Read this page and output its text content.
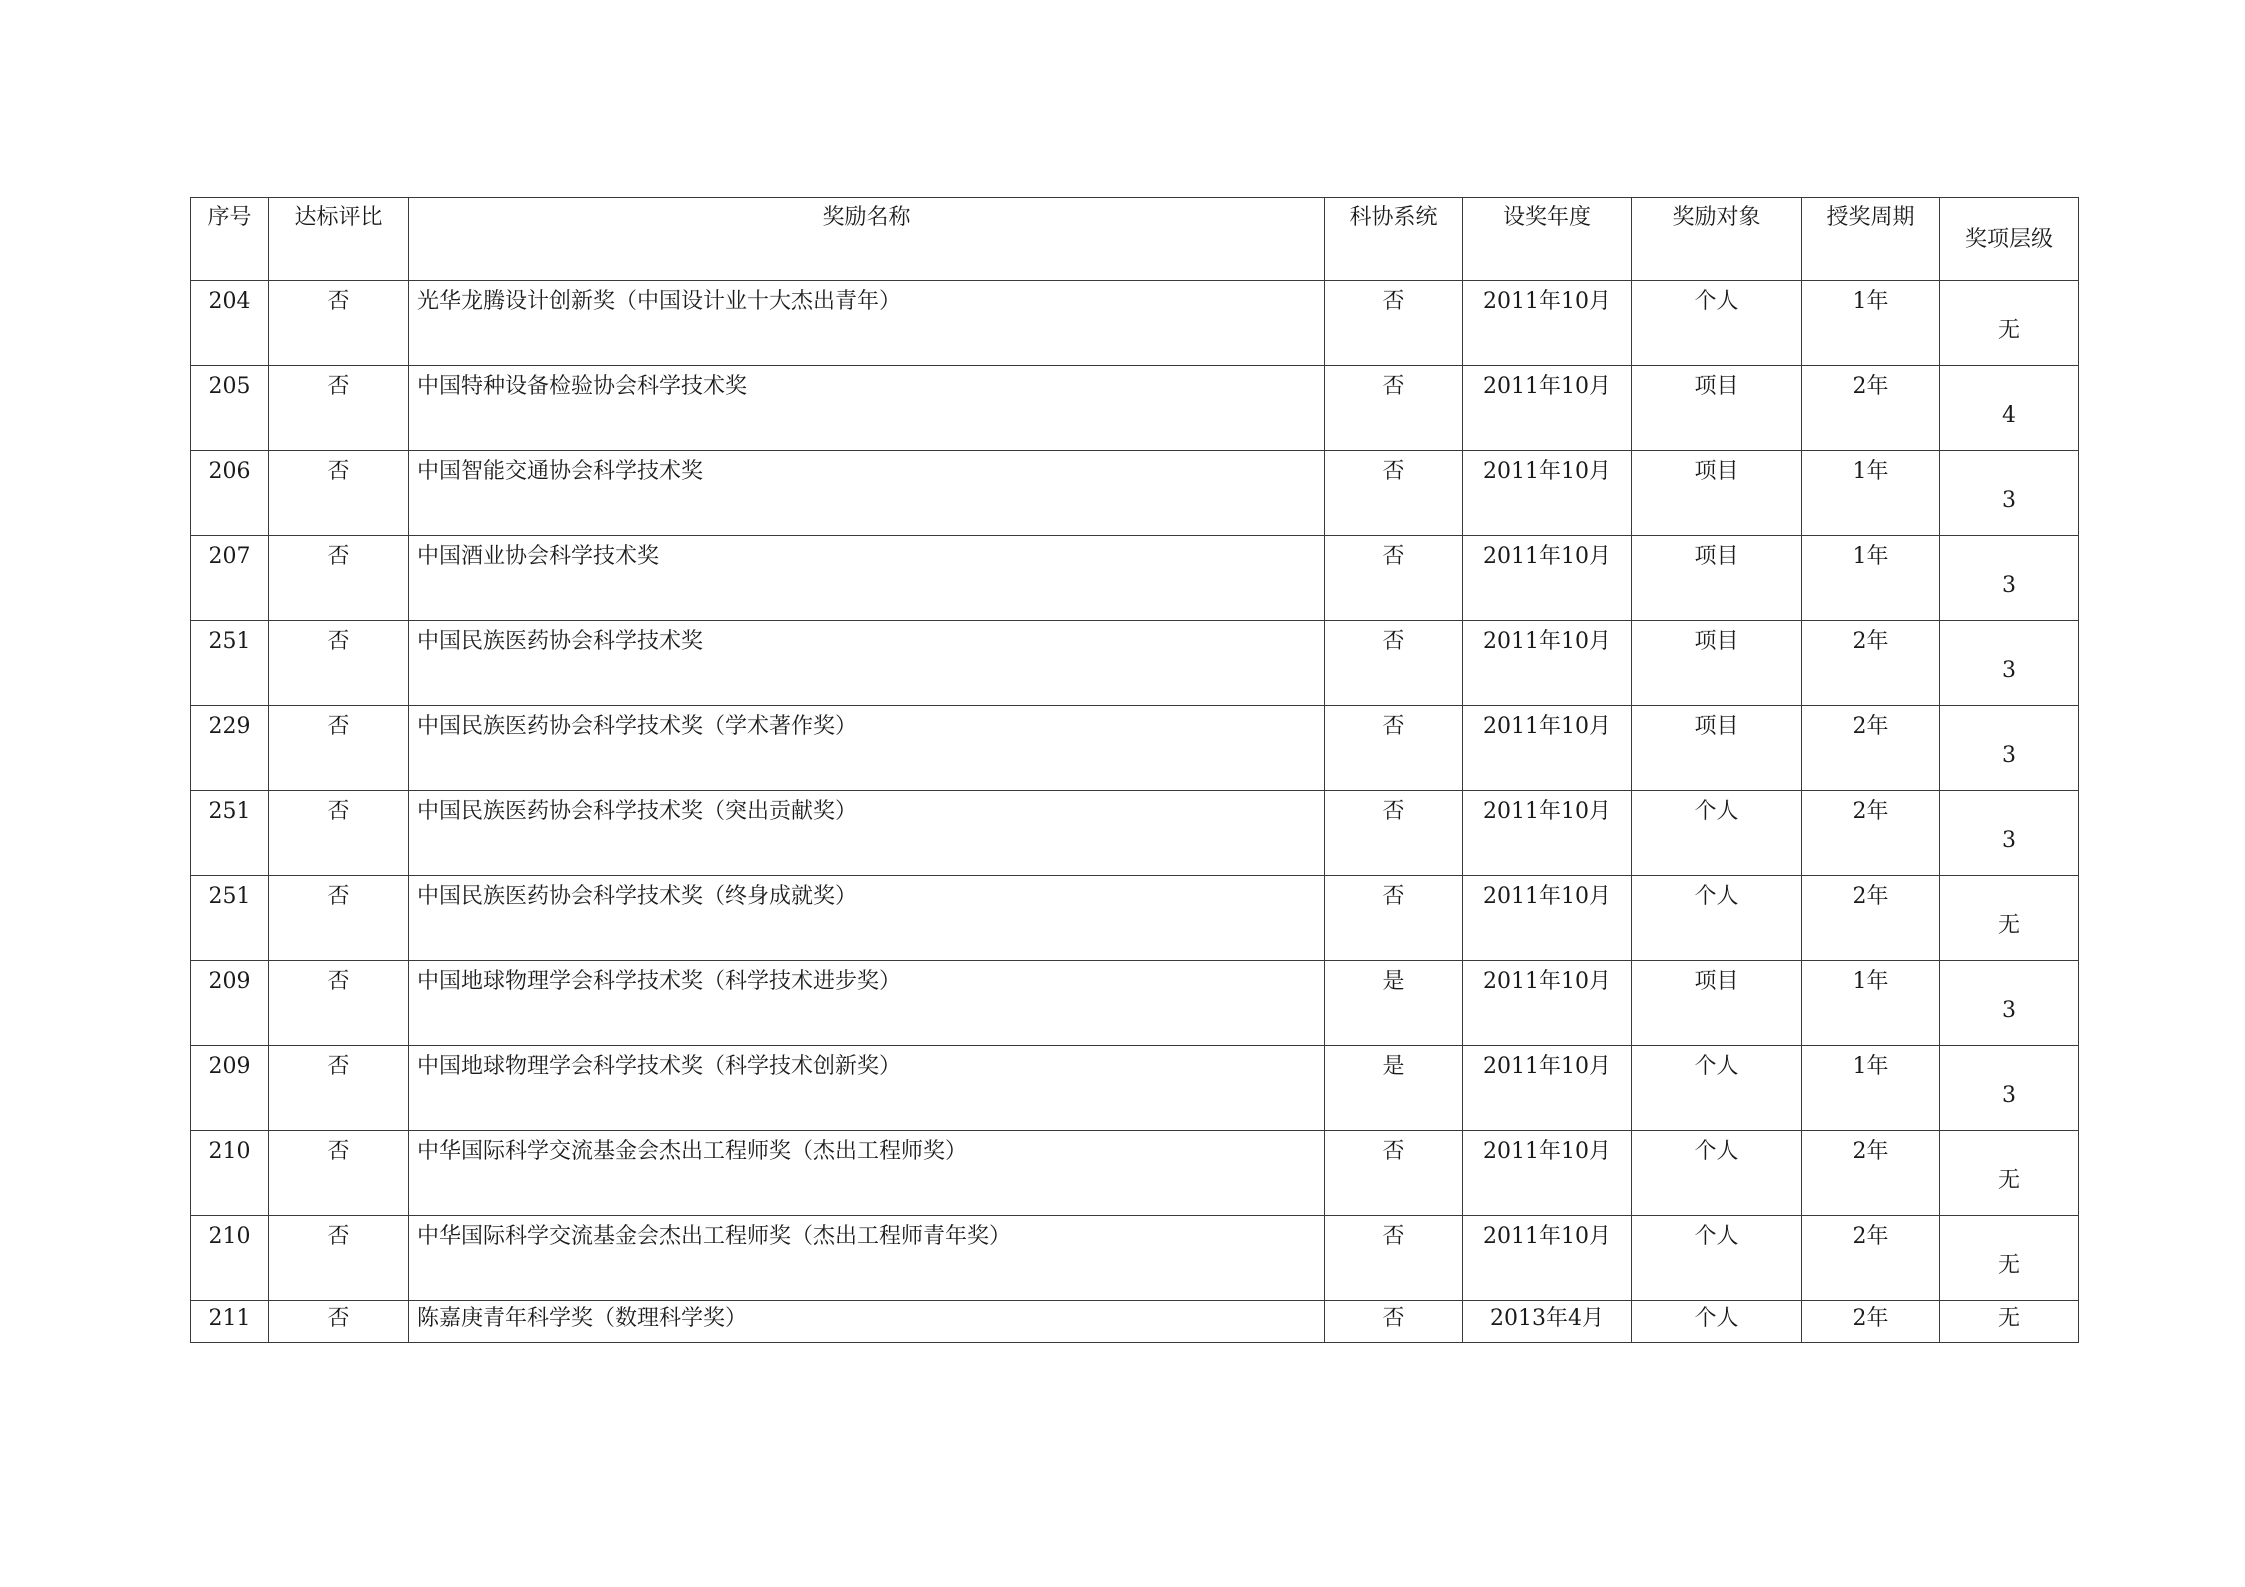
序号	达标评比	奖励名称	科协系统	设奖年度	奖励对象	授奖周期	奖项层级
204	否	光华龙腾设计创新奖（中国设计业十大杰出青年）	否	2011年10月	个人	1年	无
205	否	中国特种设备检验协会科学技术奖	否	2011年10月	项目	2年	4
206	否	中国智能交通协会科学技术奖	否	2011年10月	项目	1年	3
207	否	中国酒业协会科学技术奖	否	2011年10月	项目	1年	3
251	否	中国民族医药协会科学技术奖	否	2011年10月	项目	2年	3
229	否	中国民族医药协会科学技术奖（学术著作奖）	否	2011年10月	项目	2年	3
251	否	中国民族医药协会科学技术奖（突出贡献奖）	否	2011年10月	个人	2年	3
251	否	中国民族医药协会科学技术奖（终身成就奖）	否	2011年10月	个人	2年	无
209	否	中国地球物理学会科学技术奖（科学技术进步奖）	是	2011年10月	项目	1年	3
209	否	中国地球物理学会科学技术奖（科学技术创新奖）	是	2011年10月	个人	1年	3
210	否	中华国际科学交流基金会杰出工程师奖（杰出工程师奖）	否	2011年10月	个人	2年	无
210	否	中华国际科学交流基金会杰出工程师奖（杰出工程师青年奖）	否	2011年10月	个人	2年	无
211	否	陈嘉庚青年科学奖（数理科学奖）	否	2013年4月	个人	2年	无
